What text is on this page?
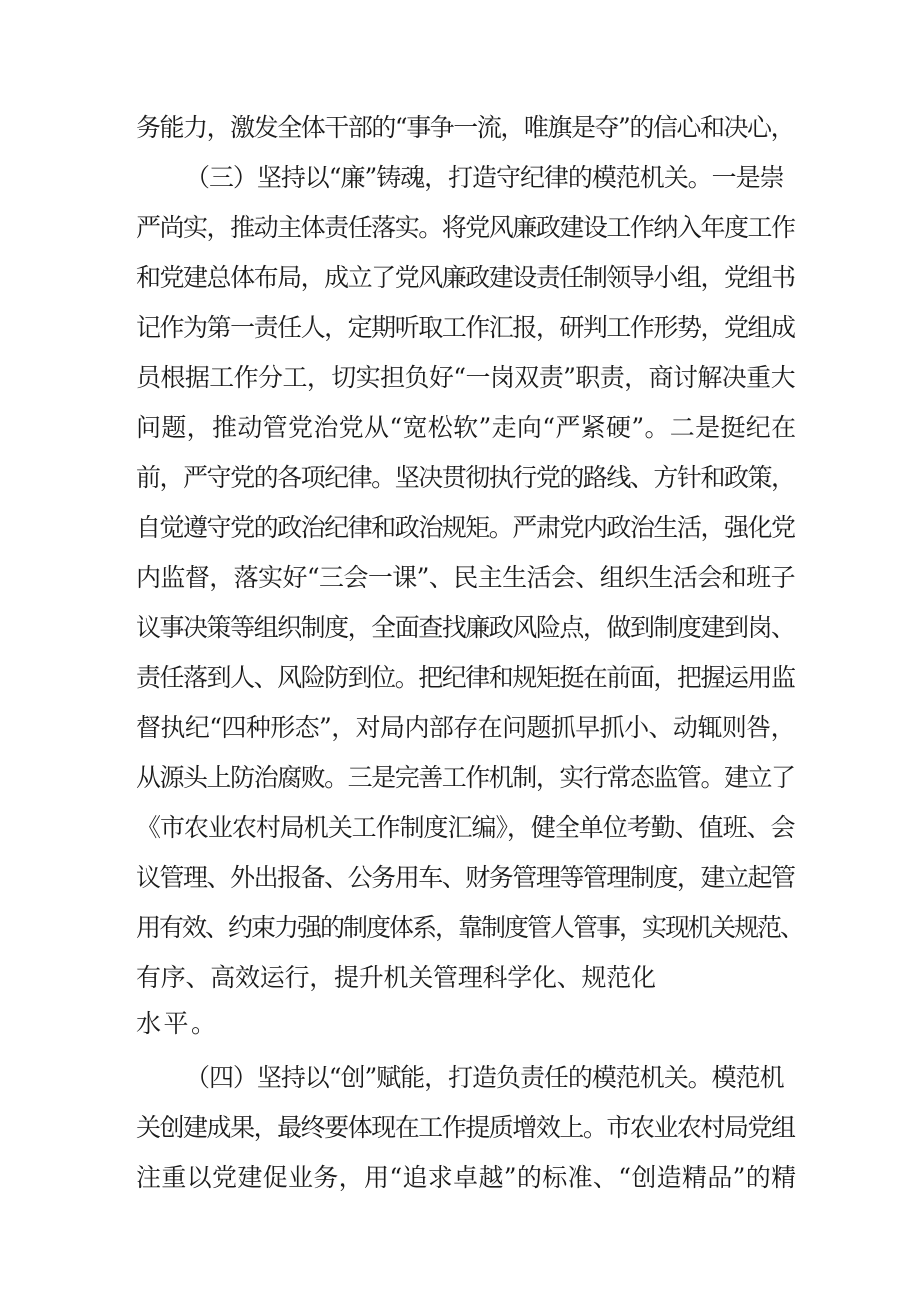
务能力，激发全体干部的“事争一流，唯旗是夺”的信心和决心，
（三）坚持以“廉”铸魂，打造守纪律的模范机关。一是崇
严尚实，推动主体责任落实。将党风廉政建设工作纳入年度工作
和党建总体布局，成立了党风廉政建设责任制领导小组，党组书
记作为第一责任人，定期听取工作汇报，研判工作形势，党组成
员根据工作分工，切实担负好“一岗双责”职责，商讨解决重大
问题，推动管党治党从“宽松软”走向“严紧硬”。二是挺纪在
前，严守党的各项纪律。坚决贯彻执行党的路线、方针和政策，
自觉遵守党的政治纪律和政治规矩。严肃党内政治生活，强化党
内监督，落实好“三会一课”、民主生活会、组织生活会和班子
议事决策等组织制度，全面查找廉政风险点，做到制度建到岗、
责任落到人、风险防到位。把纪律和规矩挺在前面，把握运用监
督执纪“四种形态”，对局内部存在问题抓早抓小、动辄则咎，
从源头上防治腐败。三是完善工作机制，实行常态监管。建立了
《市农业农村局机关工作制度汇编》，健全单位考勤、值班、会
议管理、外出报备、公务用车、财务管理等管理制度，建立起管
用有效、约束力强的制度体系，靠制度管人管事，实现机关规范、
有序、高效运行，提升机关管理科学化、规范化
水平。
（四）坚持以“创”赋能，打造负责任的模范机关。模范机
关创建成果，最终要体现在工作提质增效上。市农业农村局党组
注重以党建促业务，用“追求卓越”的标准、“创造精品”的精
